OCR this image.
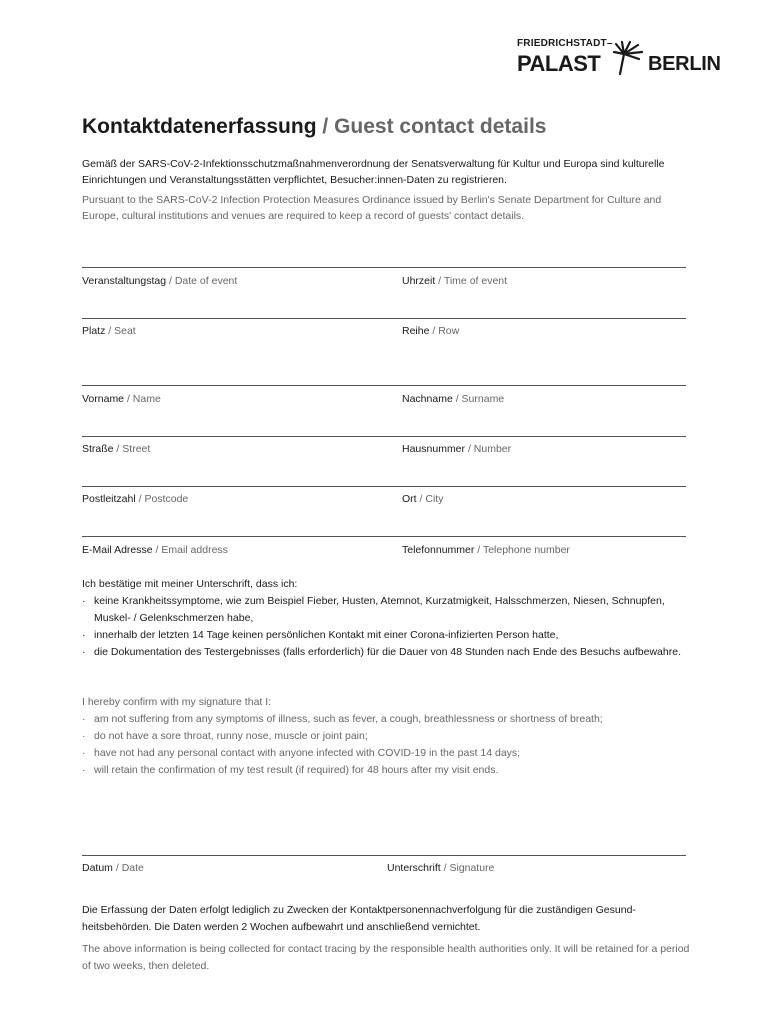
FRIEDRICHSTADT–
PALAST BERLIN
Kontaktdatenerfassung / Guest contact details
Gemäß der SARS-CoV-2-Infektionsschutzmaßnahmenverordnung der Senatsverwaltung für Kultur und Europa sind kulturelle Einrichtungen und Veranstaltungsstätten verpflichtet, Besucher:innen-Daten zu registrieren.
Pursuant to the SARS-CoV-2 Infection Protection Measures Ordinance issued by Berlin's Senate Department for Culture and Europe, cultural institutions and venues are required to keep a record of guests' contact details.
Veranstaltungstag / Date of event	Uhrzeit / Time of event
Platz / Seat	Reihe / Row
Vorname / Name	Nachname / Surname
Straße / Street	Hausnummer / Number
Postleitzahl / Postcode	Ort / City
E-Mail Adresse / Email address	Telefonnummer / Telephone number
Ich bestätige mit meiner Unterschrift, dass ich:
· keine Krankheitssymptome, wie zum Beispiel Fieber, Husten, Atemnot, Kurzatmigkeit, Halsschmerzen, Niesen, Schnupfen, Muskel- / Gelenkschmerzen habe,
· innerhalb der letzten 14 Tage keinen persönlichen Kontakt mit einer Corona-infizierten Person hatte,
· die Dokumentation des Testergebnisses (falls erforderlich) für die Dauer von 48 Stunden nach Ende des Besuchs aufbewahre.
I hereby confirm with my signature that I:
· am not suffering from any symptoms of illness, such as fever, a cough, breathlessness or shortness of breath;
· do not have a sore throat, runny nose, muscle or joint pain;
· have not had any personal contact with anyone infected with COVID-19 in the past 14 days;
· will retain the confirmation of my test result (if required) for 48 hours after my visit ends.
Datum / Date	Unterschrift / Signature
Die Erfassung der Daten erfolgt lediglich zu Zwecken der Kontaktpersonennachverfolgung für die zuständigen Gesund-heitsbehörden. Die Daten werden 2 Wochen aufbewahrt und anschließend vernichtet.
The above information is being collected for contact tracing by the responsible health authorities only. It will be retained for a period of two weeks, then deleted.
